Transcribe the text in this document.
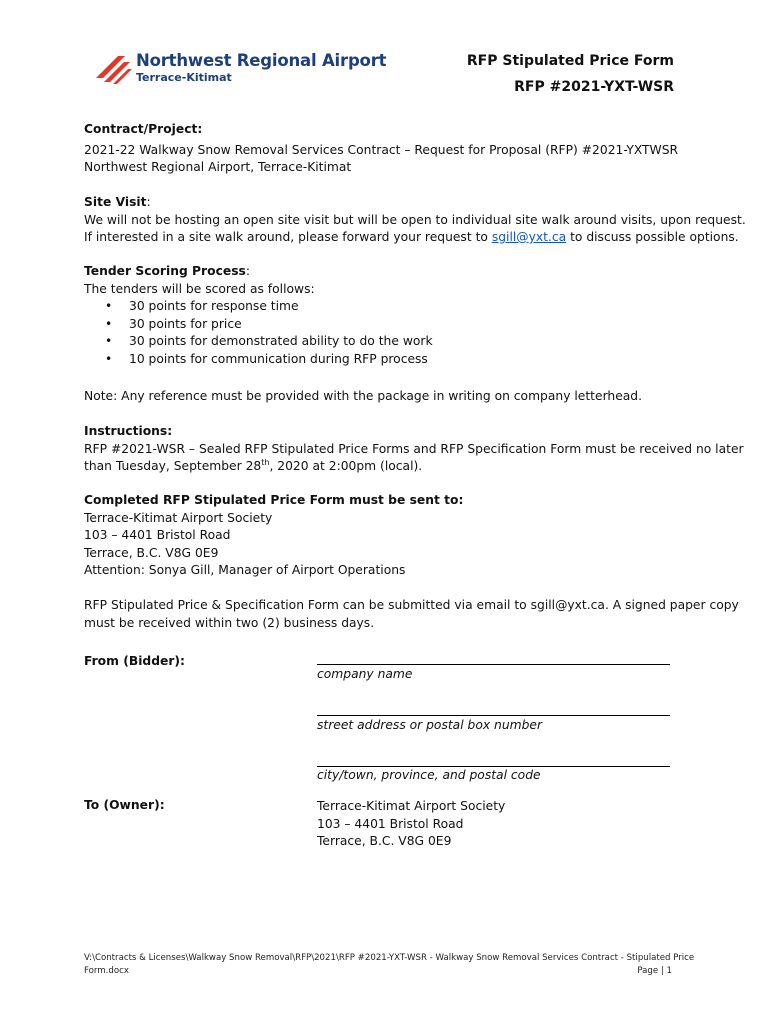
Northwest Regional Airport
Terrace-Kitimat
RFP Stipulated Price Form
RFP #2021-YXT-WSR
Contract/Project:
2021-22 Walkway Snow Removal Services Contract – Request for Proposal (RFP) #2021-YXTWSR
Northwest Regional Airport, Terrace-Kitimat
Site Visit:
We will not be hosting an open site visit but will be open to individual site walk around visits, upon request.
If interested in a site walk around, please forward your request to sgill@yxt.ca to discuss possible options.
Tender Scoring Process:
The tenders will be scored as follows:
• 30 points for response time
• 30 points for price
• 30 points for demonstrated ability to do the work
• 10 points for communication during RFP process
Note: Any reference must be provided with the package in writing on company letterhead.
Instructions:
RFP #2021-WSR – Sealed RFP Stipulated Price Forms and RFP Specification Form must be received no later
than Tuesday, September 28th, 2020 at 2:00pm (local).
Completed RFP Stipulated Price Form must be sent to:
Terrace-Kitimat Airport Society
103 – 4401 Bristol Road
Terrace, B.C. V8G 0E9
Attention: Sonya Gill, Manager of Airport Operations
RFP Stipulated Price & Specification Form can be submitted via email to sgill@yxt.ca. A signed paper copy
must be received within two (2) business days.
From (Bidder):
company name
street address or postal box number
city/town, province, and postal code
To (Owner):	Terrace-Kitimat Airport Society
103 – 4401 Bristol Road
Terrace, B.C. V8G 0E9
V:\Contracts & Licenses\Walkway Snow Removal\RFP\2021\RFP #2021-YXT-WSR - Walkway Snow Removal Services Contract - Stipulated Price
Form.docx	Page | 1
